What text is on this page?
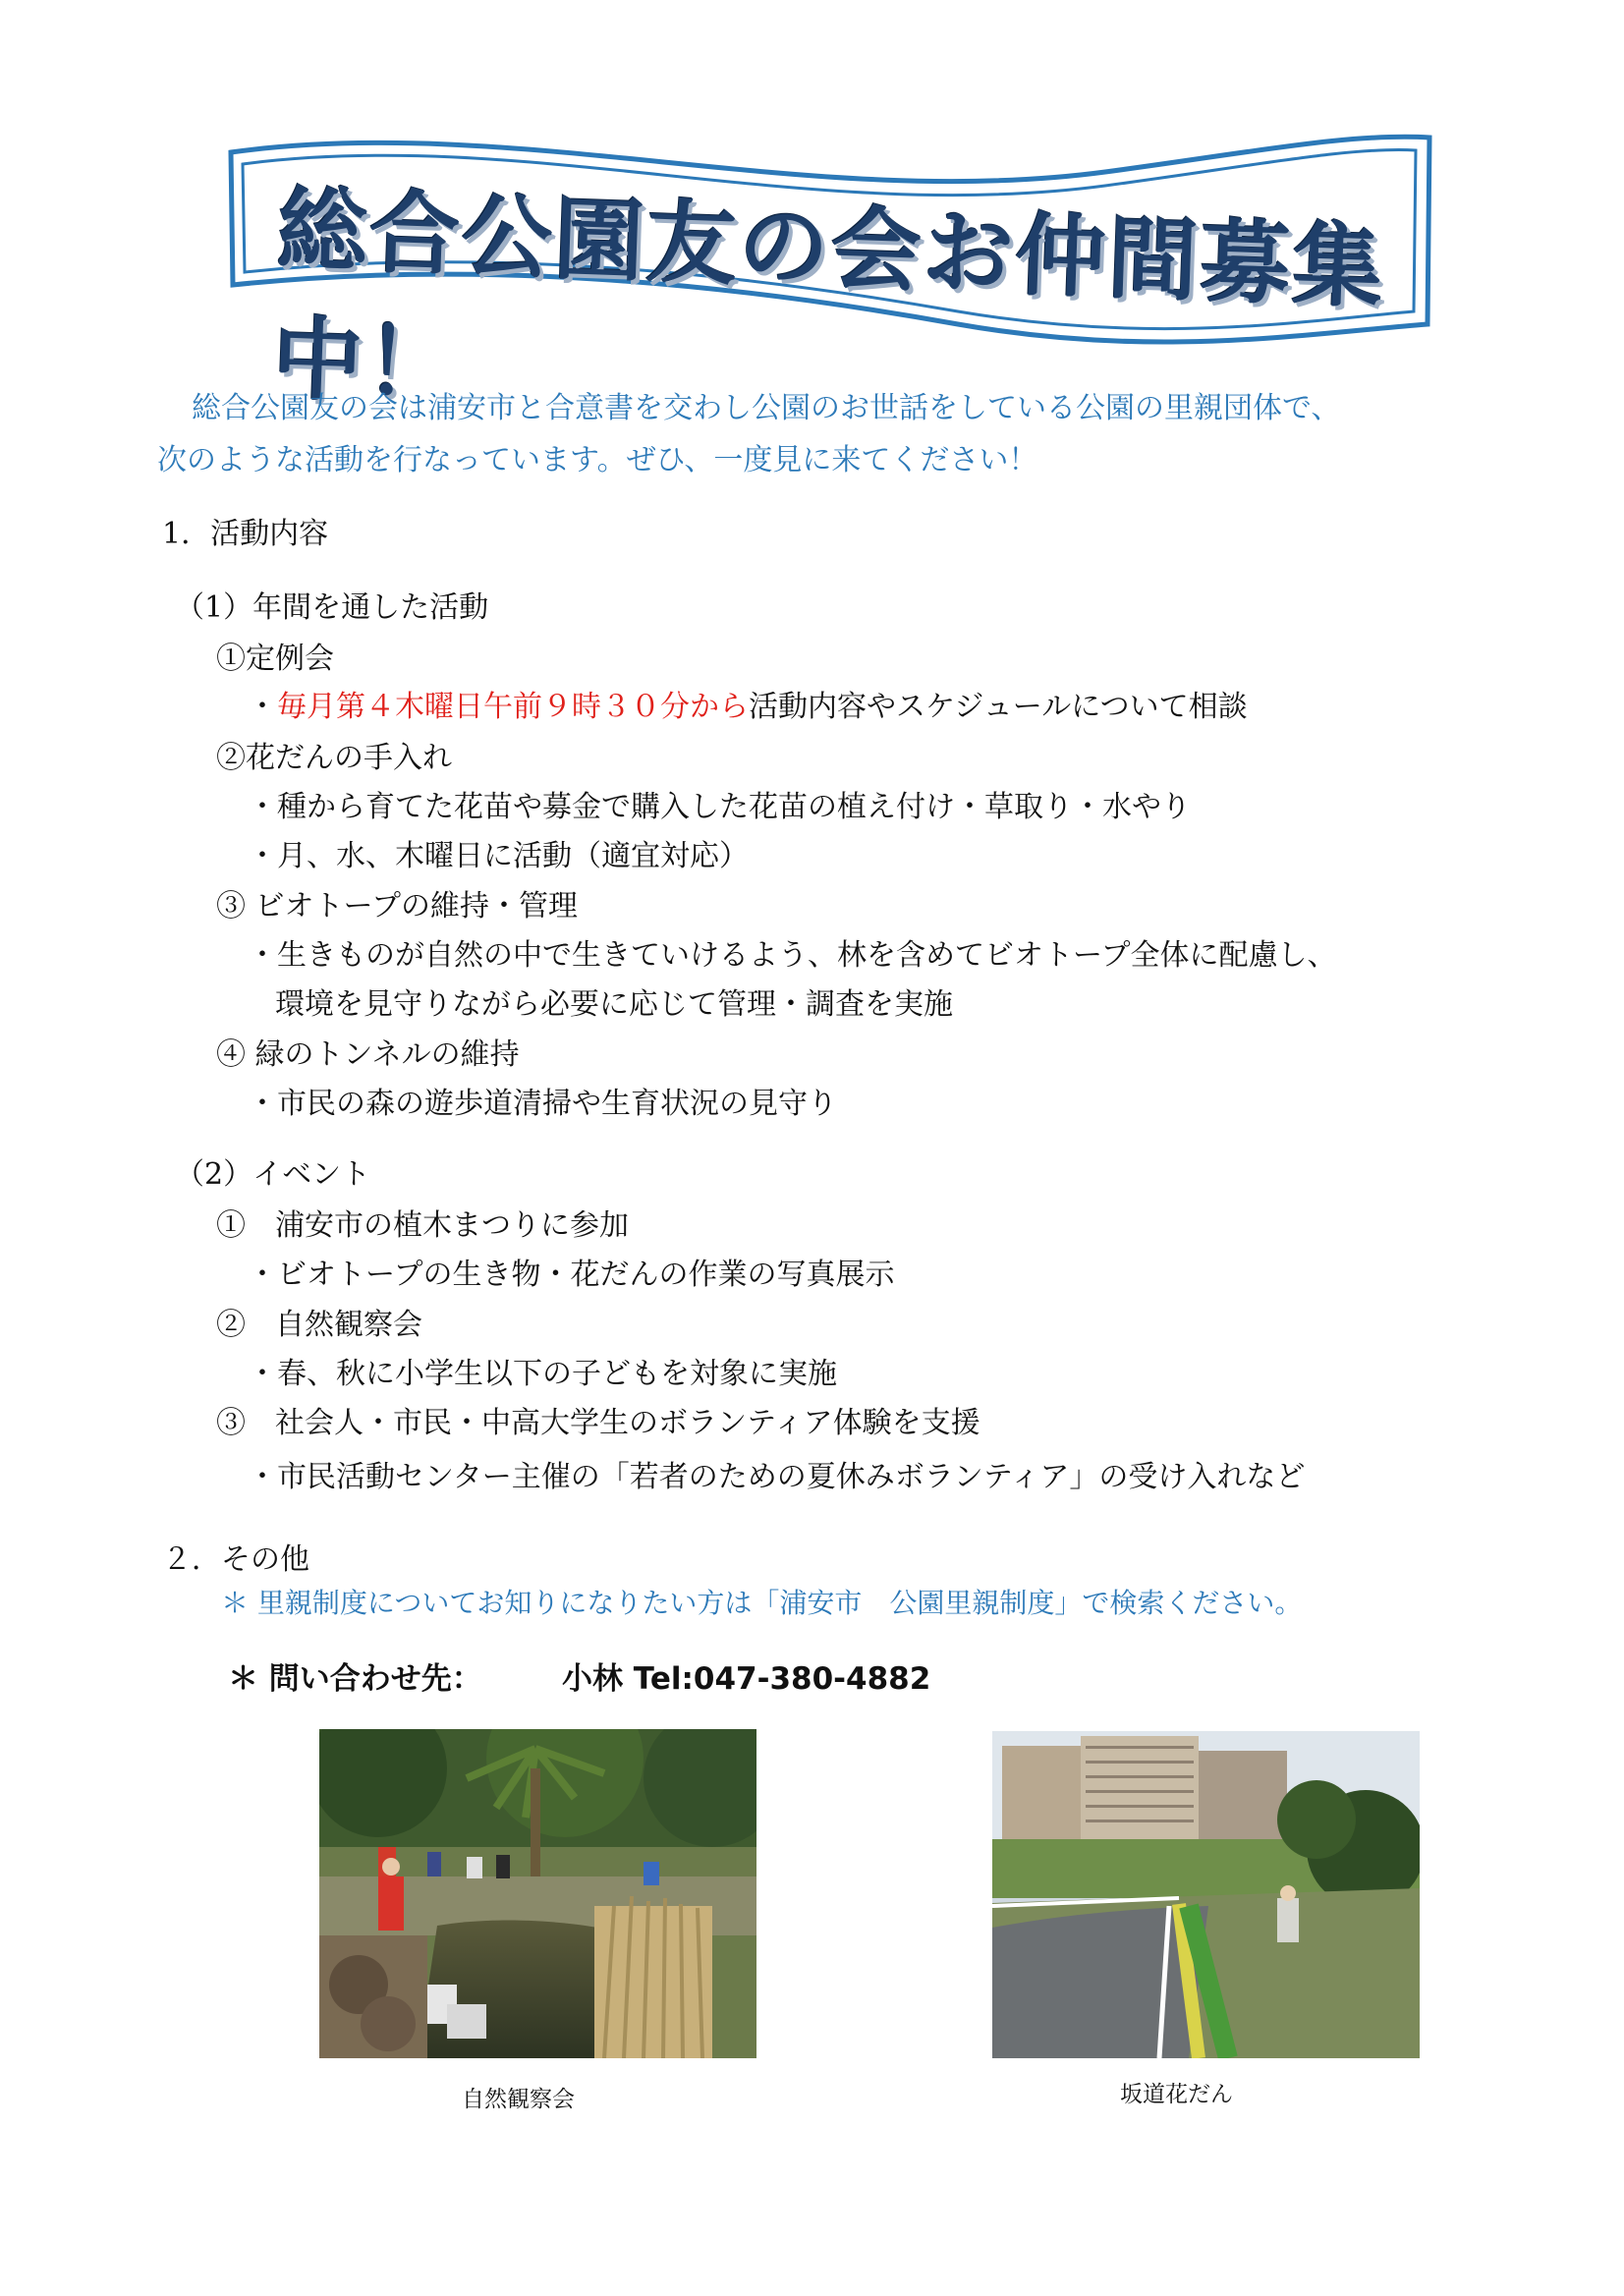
総合公園友の会お仲間募集中！
総合公園友の会は浦安市と合意書を交わし公園のお世話をしている公園の里親団体で、
次のような活動を行なっています。ぜひ、一度見に来てください！
1．活動内容
（1）年間を通した活動
①定例会
・毎月第４木曜日午前９時３０分から活動内容やスケジュールについて相談
②花だんの手入れ
・種から育てた花苗や募金で購入した花苗の植え付け・草取り・水やり
・月、水、木曜日に活動（適宜対応）
③ ビオトープの維持・管理
・生きものが自然の中で生きていけるよう、林を含めてビオトープ全体に配慮し、
環境を見守りながら必要に応じて管理・調査を実施
④ 緑のトンネルの維持
・市民の森の遊歩道清掃や生育状況の見守り
（2）イベント
①　浦安市の植木まつりに参加
・ビオトープの生き物・花だんの作業の写真展示
②　自然観察会
・春、秋に小学生以下の子どもを対象に実施
③　社会人・市民・中高大学生のボランティア体験を支援
・市民活動センター主催の「若者のための夏休みボランティア」の受け入れなど
２．その他
＊ 里親制度についてお知りになりたい方は「浦安市　公園里親制度」で検索ください。
＊ 問い合わせ先：	小林 Tel:047-380-4882
自然観察会	坂道花だん
